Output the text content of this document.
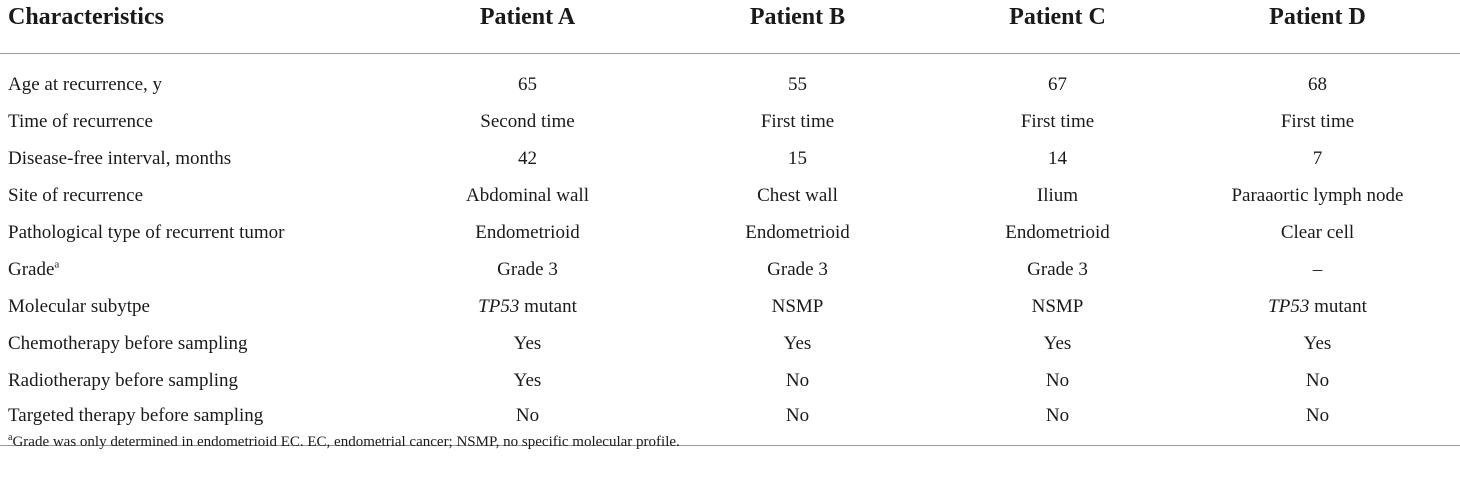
Characteristics	Patient A	Patient B	Patient C	Patient D
Age at recurrence, y	65	55	67	68
Time of recurrence	Second time	First time	First time	First time
Disease-free interval, months	42	15	14	7
Site of recurrence	Abdominal wall	Chest wall	Ilium	Paraaortic lymph node
Pathological type of recurrent tumor	Endometrioid	Endometrioid	Endometrioid	Clear cell
Grade$^a$	Grade 3	Grade 3	Grade 3	–
Molecular subytpe	TP53 mutant	NSMP	NSMP	TP53 mutant
Chemotherapy before sampling	Yes	Yes	Yes	Yes
Radiotherapy before sampling	Yes	No	No	No
Targeted therapy before sampling	No	No	No	No
$^a$Grade was only determined in endometrioid EC. EC, endometrial cancer; NSMP, no specific molecular profile.
